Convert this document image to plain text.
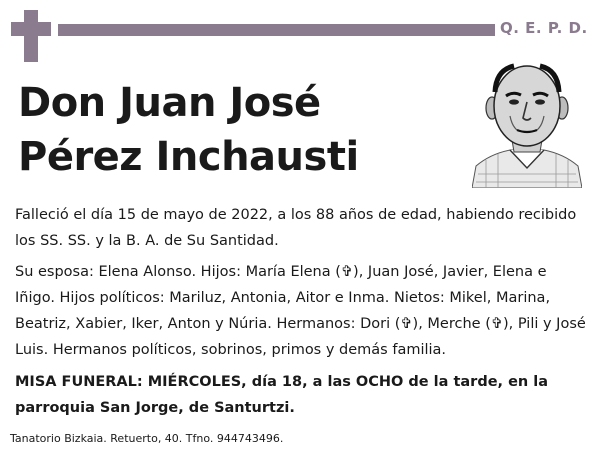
Q. E. P. D.
Don Juan José
Pérez Inchausti

Falleció el día 15 de mayo de 2022, a los 88 años de edad, habiendo recibido los SS. SS. y la B. A. de Su Santidad.

Su esposa: Elena Alonso. Hijos: María Elena (✞), Juan José, Javier, Elena e Iñigo. Hijos políticos: Mariluz, Antonia, Aitor e Inma. Nietos: Mikel, Marina, Beatriz, Xabier, Iker, Anton y Núria. Hermanos: Dori (✞), Merche (✞), Pili y José Luis. Hermanos políticos, sobrinos, primos y demás familia.

MISA FUNERAL: MIÉRCOLES, día 18, a las OCHO de la tarde, en la parroquia San Jorge, de Santurtzi.

Tanatorio Bizkaia. Retuerto, 40. Tfno. 944743496.
